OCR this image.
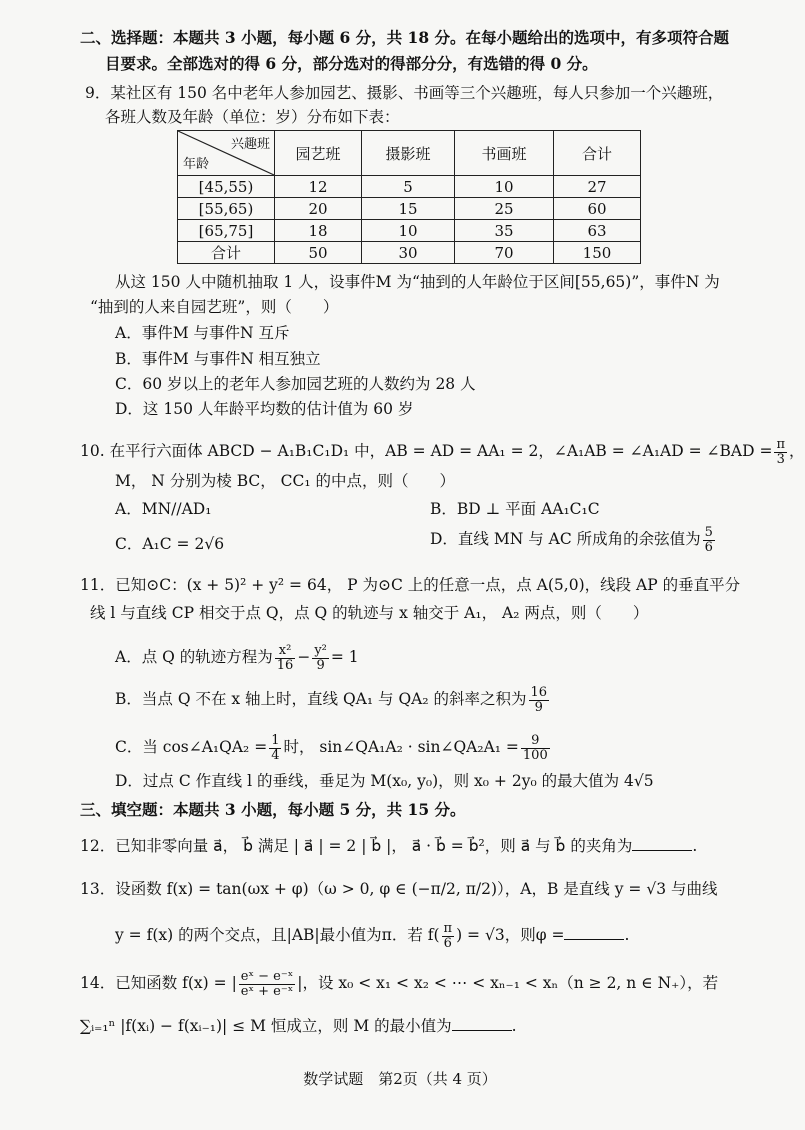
二、选择题：本题共 3 小题，每小题 6 分，共 18 分。在每小题给出的选项中，有多项符合题
目要求。全部选对的得 6 分，部分选对的得部分分，有选错的得 0 分。
9．某社区有 150 名中老年人参加园艺、摄影、书画等三个兴趣班，每人只参加一个兴趣班，
各班人数及年龄（单位：岁）分布如下表：
兴趣班
年龄	园艺班	摄影班	书画班	合计
[45,55)	12	5	10	27
[55,65)	20	15	25	60
[65,75]	18	10	35	63
合计	50	30	70	150
从这 150 人中随机抽取 1 人，设事件M 为“抽到的人年龄位于区间[55,65)”，事件N 为
“抽到的人来自园艺班”，则（　　）
A．事件M 与事件N 互斥
B．事件M 与事件N 相互独立
C．60 岁以上的老年人参加园艺班的人数约为 28 人
D．这 150 人年龄平均数的估计值为 60 岁
10. 在平行六面体 ABCD − A₁B₁C₁D₁ 中，AB = AD = AA₁ = 2，∠A₁AB = ∠A₁AD = ∠BAD = $\frac{\pi}{3}$ ，
M， N 分别为棱 BC， CC₁ 的中点，则（　　）
A．MN//AD₁	B．BD ⊥ 平面 AA₁C₁C
C．A₁C = 2√6	D．直线 MN 与 AC 所成角的余弦值为 $\frac{5}{6}$
11．已知⊙C：(x + 5)² + y² = 64， P 为⊙C 上的任意一点，点 A(5,0)，线段 AP 的垂直平分
线 l 与直线 CP 相交于点 Q，点 Q 的轨迹与 x 轴交于 A₁， A₂ 两点，则（　　）
A．点 Q 的轨迹方程为 $\frac{\text{x²}}{16} - \frac{\text{y²}}{9} = 1$
B．当点 Q 不在 x 轴上时，直线 QA₁ 与 QA₂ 的斜率之积为 $\frac{16}{9}$
C．当 cos∠A₁QA₂ = $\frac{1}{4}$ 时， sin∠QA₁A₂ · sin∠QA₂A₁ = $\frac{9}{100}$
D．过点 C 作直线 l 的垂线，垂足为 M(x₀, y₀)，则 x₀ + 2y₀ 的最大值为 4√5
三、填空题：本题共 3 小题，每小题 5 分，共 15 分。
12．已知非零向量 a⃗， b⃗ 满足 | a⃗ | = 2 | b⃗ |， a⃗ · b⃗ = b⃗²，则 a⃗ 与 b⃗ 的夹角为	.
13．设函数 f(x) = tan(ωx + φ)（ω > 0, φ ∈ (−π/2, π/2)），A，B 是直线 y = √3 与曲线
y = f(x) 的两个交点，且|AB|最小值为π．若 $f( \frac{\pi}{6}$ ) = √3，则φ =	.
14．已知函数 f(x) = | $\frac{\text{eˣ − e⁻ˣ}}{\text{eˣ + e⁻ˣ}}$ |，设 x₀ < x₁ < x₂ < ⋯ < xₙ₋₁ < xₙ（n ≥ 2, n ∈ N₊），若
∑ᵢ₌₁ⁿ |f(xᵢ) − f(xᵢ₋₁)| ≤ M 恒成立，则 M 的最小值为	.
数学试题　第2页（共 4 页）
